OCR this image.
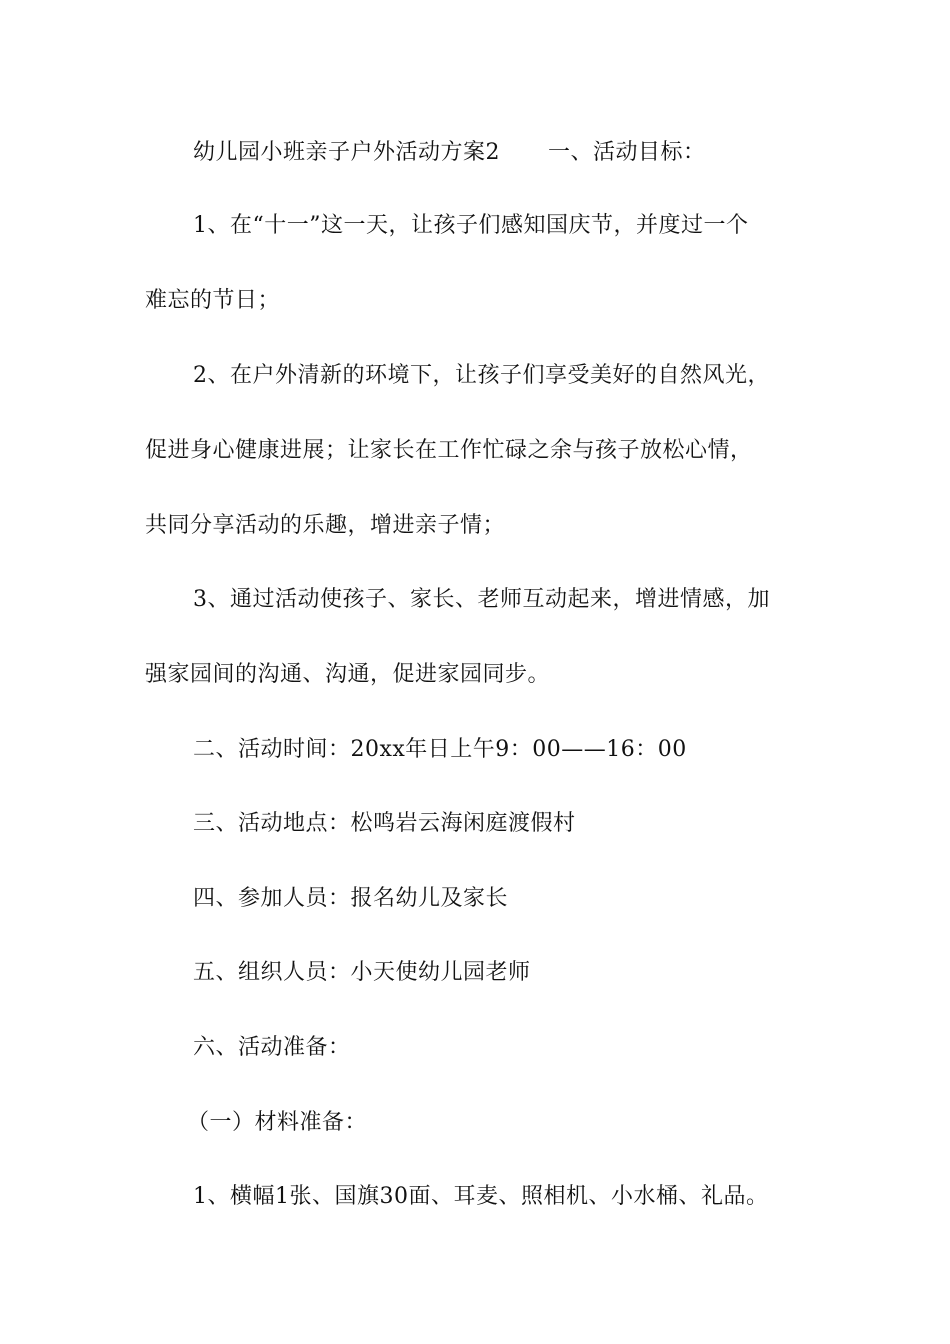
幼儿园小班亲子户外活动方案2 一、活动目标：
1、在“十一”这一天，让孩子们感知国庆节，并度过一个
难忘的节日；
2、在户外清新的环境下，让孩子们享受美好的自然风光，
促进身心健康进展；让家长在工作忙碌之余与孩子放松心情，
共同分享活动的乐趣，增进亲子情；
3、通过活动使孩子、家长、老师互动起来，增进情感，加
强家园间的沟通、沟通，促进家园同步。
二、活动时间：20xx年日上午9：00——16：00
三、活动地点：松鸣岩云海闲庭渡假村
四、参加人员：报名幼儿及家长
五、组织人员：小天使幼儿园老师
六、活动准备：
（一）材料准备：
1、横幅1张、国旗30面、耳麦、照相机、小水桶、礼品。
